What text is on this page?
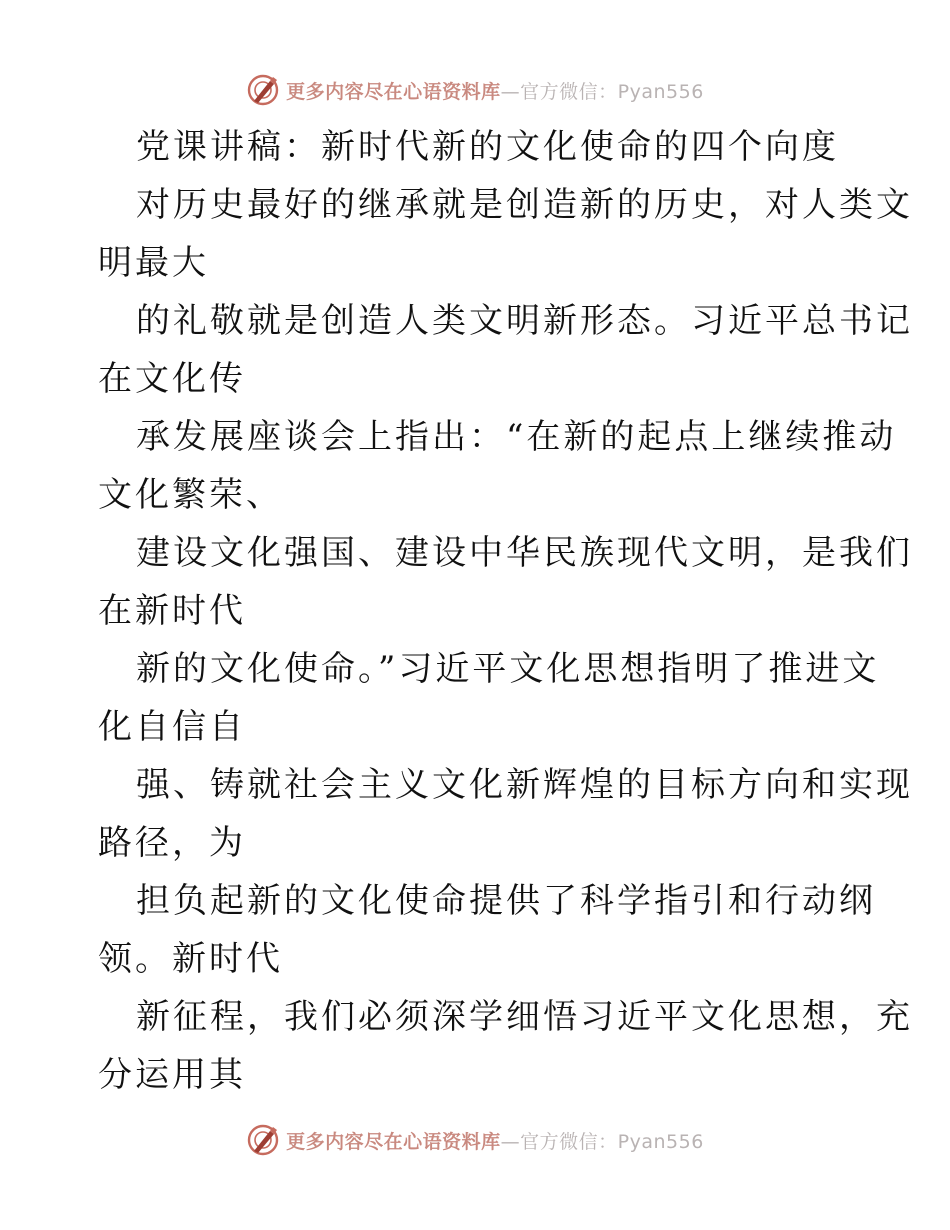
更多内容尽在心语资料库—官方微信：Pyan556
党课讲稿：新时代新的文化使命的四个向度
对历史最好的继承就是创造新的历史，对人类文
明最大
的礼敬就是创造人类文明新形态。习近平总书记
在文化传
承发展座谈会上指出：“在新的起点上继续推动
文化繁荣、
建设文化强国、建设中华民族现代文明，是我们
在新时代
新的文化使命。”习近平文化思想指明了推进文
化自信自
强、铸就社会主义文化新辉煌的目标方向和实现
路径，为
担负起新的文化使命提供了科学指引和行动纲
领。新时代
新征程，我们必须深学细悟习近平文化思想，充
分运用其
更多内容尽在心语资料库—官方微信：Pyan556
